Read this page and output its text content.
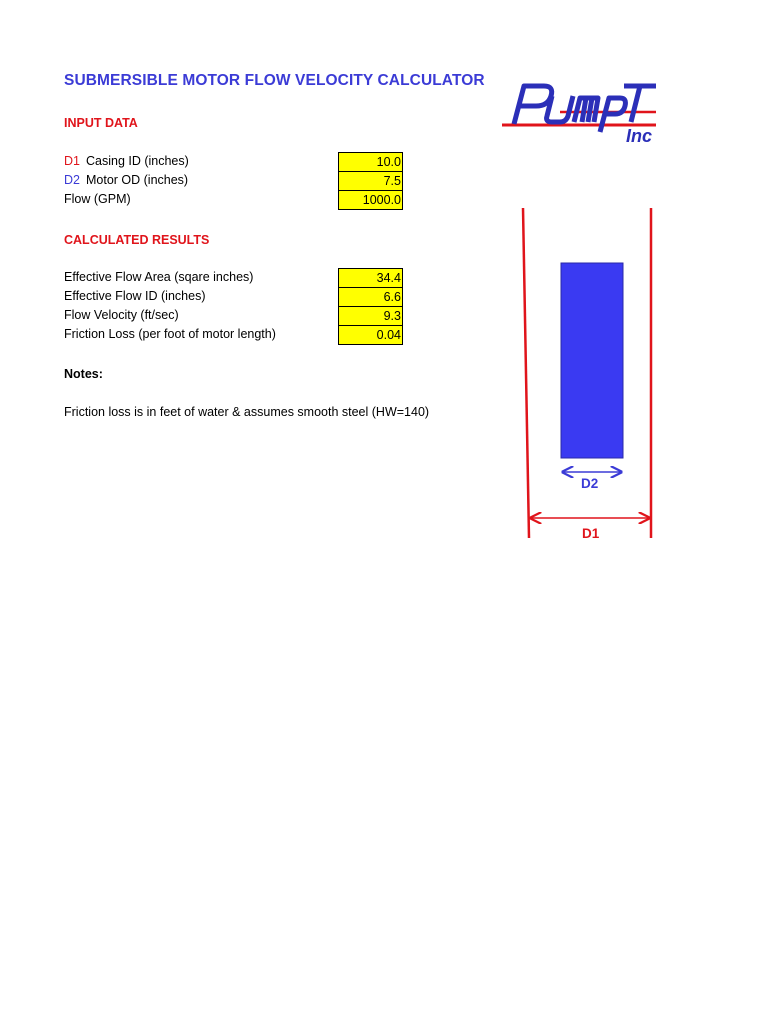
SUBMERSIBLE MOTOR FLOW VELOCITY CALCULATOR
Inc
INPUT DATA
D1 Casing ID (inches)	10.0
D2 Motor OD (inches)	7.5
Flow (GPM)	1000.0
CALCULATED RESULTS
Effective Flow Area (sqare inches)	34.4
Effective Flow ID (inches)	6.6
Flow Velocity (ft/sec)	9.3
Friction Loss (per foot of motor length)	0.04
Notes:
Friction loss is in feet of water & assumes smooth steel (HW=140)
D2
D1
